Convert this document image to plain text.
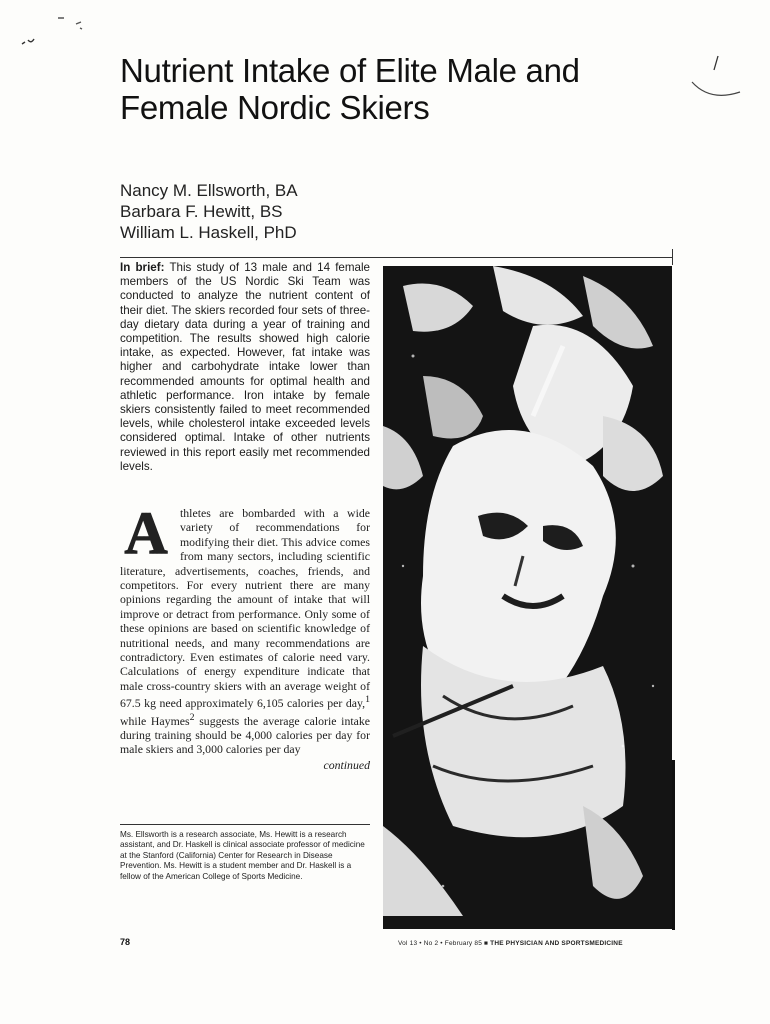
Nutrient Intake of Elite Male and Female Nordic Skiers
Nancy M. Ellsworth, BA
Barbara F. Hewitt, BS
William L. Haskell, PhD

In brief: This study of 13 male and 14 female members of the US Nordic Ski Team was conducted to analyze the nutrient content of their diet. The skiers recorded four sets of three-day dietary data during a year of training and competition. The results showed high calorie intake, as expected. However, fat intake was higher and carbohydrate intake lower than recommended amounts for optimal health and athletic performance. Iron intake by female skiers consistently failed to meet recommended levels, while cholesterol intake exceeded levels considered optimal. Intake of other nutrients reviewed in this report easily met recommended levels.

A	thletes are bombarded with a wide variety of recommendations for modifying their diet. This advice comes from many sectors, including scientific literature, advertisements, coaches, friends, and competitors. For every nutrient there are many opinions regarding the amount of intake that will improve or detract from performance. Only some of these opinions are based on scientific knowledge of nutritional needs, and many recommendations are contradictory. Even estimates of calorie need vary. Calculations of energy expenditure indicate that male cross-country skiers with an average weight of 67.5 kg need approximately 6,105 calories per day,$^1$ while Haymes$^2$ suggests the average calorie intake during training should be 4,000 calories per day for male skiers and 3,000 calories per day
continued

Ms. Ellsworth is a research associate, Ms. Hewitt is a research assistant, and Dr. Haskell is clinical associate professor of medicine at the Stanford (California) Center for Research in Disease Prevention. Ms. Hewitt is a student member and Dr. Haskell is a fellow of the American College of Sports Medicine.

78	Vol 13 • No 2 • February 85 ■ THE PHYSICIAN AND SPORTSMEDICINE
